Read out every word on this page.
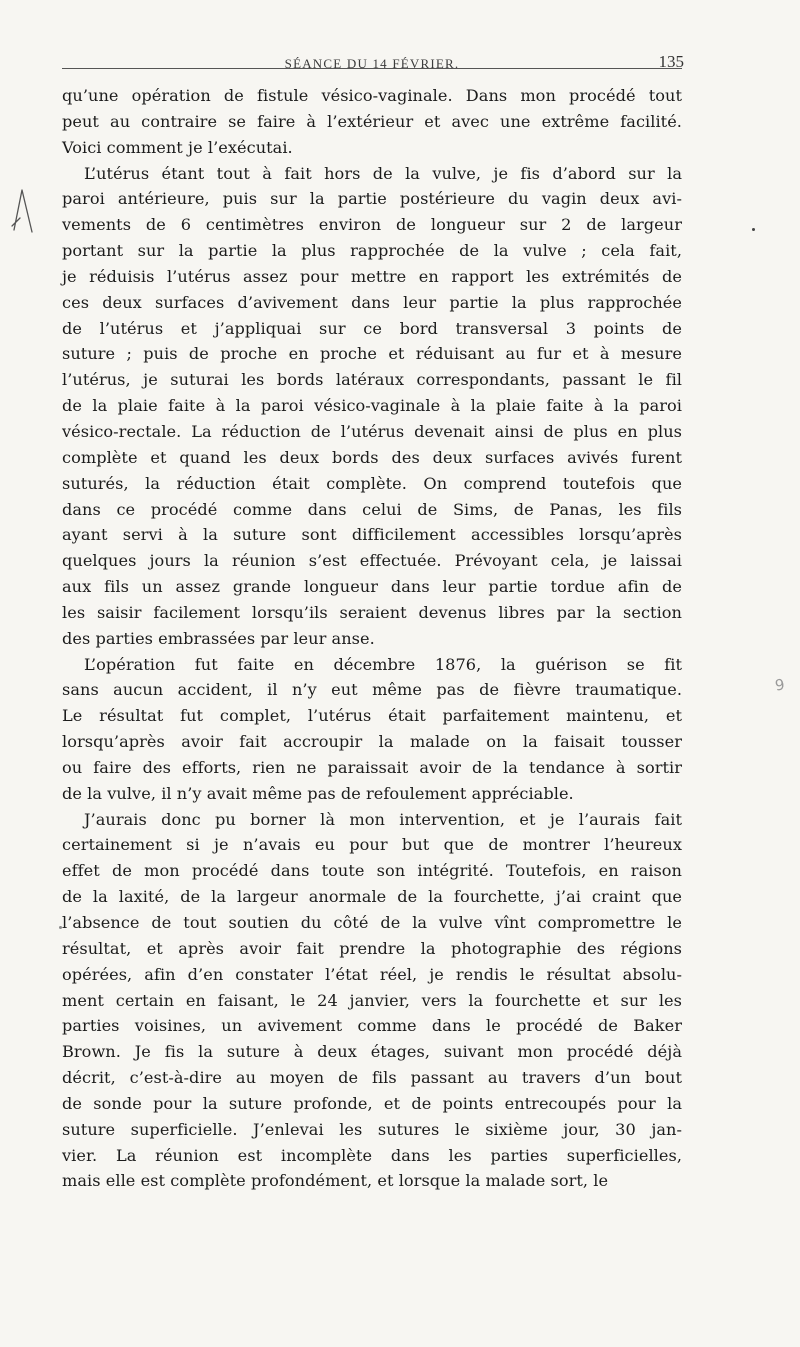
9
SÉANCE DU 14 FÉVRIER.	135
qu’une opération de fistule vésico-vaginale. Dans mon procédé tout
peut au contraire se faire à l’extérieur et avec une extrême facilité.
Voici comment je l’exécutai.
L’utérus étant tout à fait hors de la vulve, je fis d’abord sur la
paroi antérieure, puis sur la partie postérieure du vagin deux avi-
vements de 6 centimètres environ de longueur sur 2 de largeur
portant sur la partie la plus rapprochée de la vulve ; cela fait,
je réduisis l’utérus assez pour mettre en rapport les extrémités de
ces deux surfaces d’avivement dans leur partie la plus rapprochée
de l’utérus et j’appliquai sur ce bord transversal 3 points de
suture ; puis de proche en proche et réduisant au fur et à mesure
l’utérus, je suturai les bords latéraux correspondants, passant le fil
de la plaie faite à la paroi vésico-vaginale à la plaie faite à la paroi
vésico-rectale. La réduction de l’utérus devenait ainsi de plus en plus
complète et quand les deux bords des deux surfaces avivés furent
suturés, la réduction était complète. On comprend toutefois que
dans ce procédé comme dans celui de Sims, de Panas, les fils
ayant servi à la suture sont difficilement accessibles lorsqu’après
quelques jours la réunion s’est effectuée. Prévoyant cela, je laissai
aux fils un assez grande longueur dans leur partie tordue afin de
les saisir facilement lorsqu’ils seraient devenus libres par la section
des parties embrassées par leur anse.
L’opération fut faite en décembre 1876, la guérison se fit
sans aucun accident, il n’y eut même pas de fièvre traumatique.
Le résultat fut complet, l’utérus était parfaitement maintenu, et
lorsqu’après avoir fait accroupir la malade on la faisait tousser
ou faire des efforts, rien ne paraissait avoir de la tendance à sortir
de la vulve, il n’y avait même pas de refoulement appréciable.
J’aurais donc pu borner là mon intervention, et je l’aurais fait
certainement si je n’avais eu pour but que de montrer l’heureux
effet de mon procédé dans toute son intégrité. Toutefois, en raison
de la laxité, de la largeur anormale de la fourchette, j’ai craint que
l’absence de tout soutien du côté de la vulve vînt compromettre le
résultat, et après avoir fait prendre la photographie des régions
opérées, afin d’en constater l’état réel, je rendis le résultat absolu-
ment certain en faisant, le 24 janvier, vers la fourchette et sur les
parties voisines, un avivement comme dans le procédé de Baker
Brown. Je fis la suture à deux étages, suivant mon procédé déjà
décrit, c’est-à-dire au moyen de fils passant au travers d’un bout
de sonde pour la suture profonde, et de points entrecoupés pour la
suture superficielle. J’enlevai les sutures le sixième jour, 30 jan-
vier. La réunion est incomplète dans les parties superficielles,
mais elle est complète profondément, et lorsque la malade sort, le
